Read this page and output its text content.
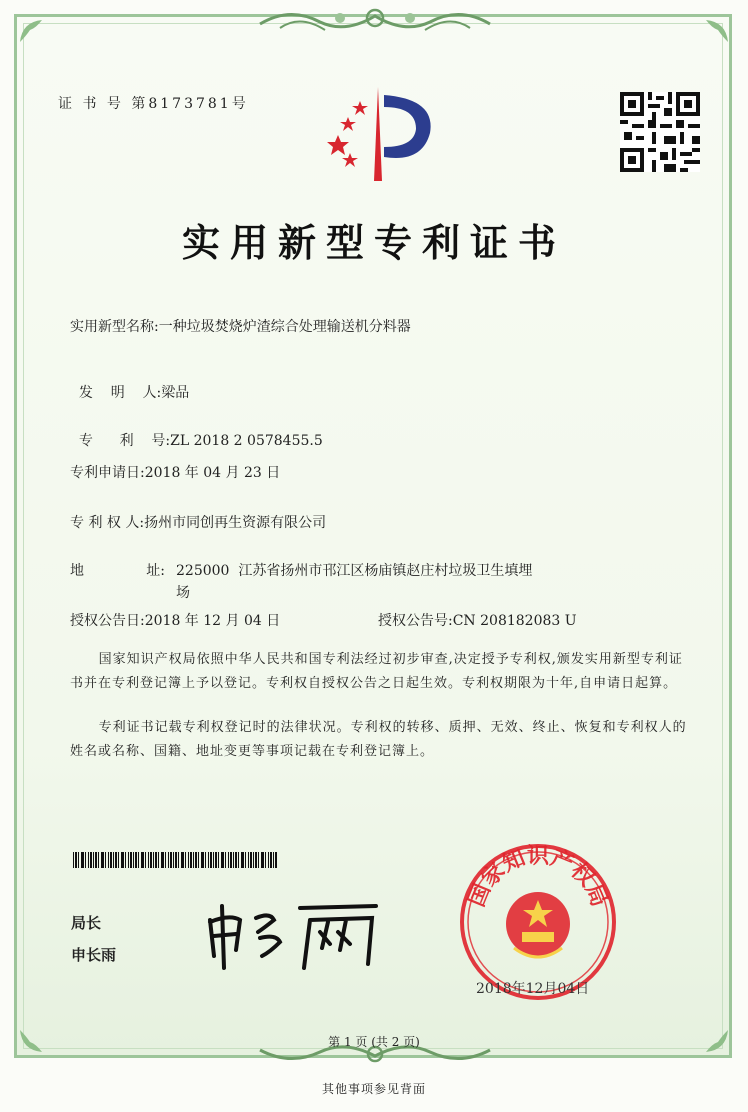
证 书 号 第8173781号
实用新型专利证书
实用新型名称:一种垃圾焚烧炉渣综合处理输送机分料器

发    明    人:梁品

专      利    号:ZL 2018 2 0578455.5

专利申请日:2018 年 04 月 23 日
专 利 权 人:扬州市同创再生资源有限公司
地              址: 225000  江苏省扬州市邗江区杨庙镇赵庄村垃圾卫生填埋
场
授权公告日:2018 年 12 月 04 日	授权公告号:CN 208182083 U
国家知识产权局依照中华人民共和国专利法经过初步审查,决定授予专利权,颁发实用新型专利证书并在专利登记簿上予以登记。专利权自授权公告之日起生效。专利权期限为十年,自申请日起算。
专利证书记载专利权登记时的法律状况。专利权的转移、质押、无效、终止、恢复和专利权人的姓名或名称、国籍、地址变更等事项记载在专利登记簿上。
局长
申长雨
国家知识产权局
2018年12月04日
第 1 页 (共 2 页)
其他事项参见背面
